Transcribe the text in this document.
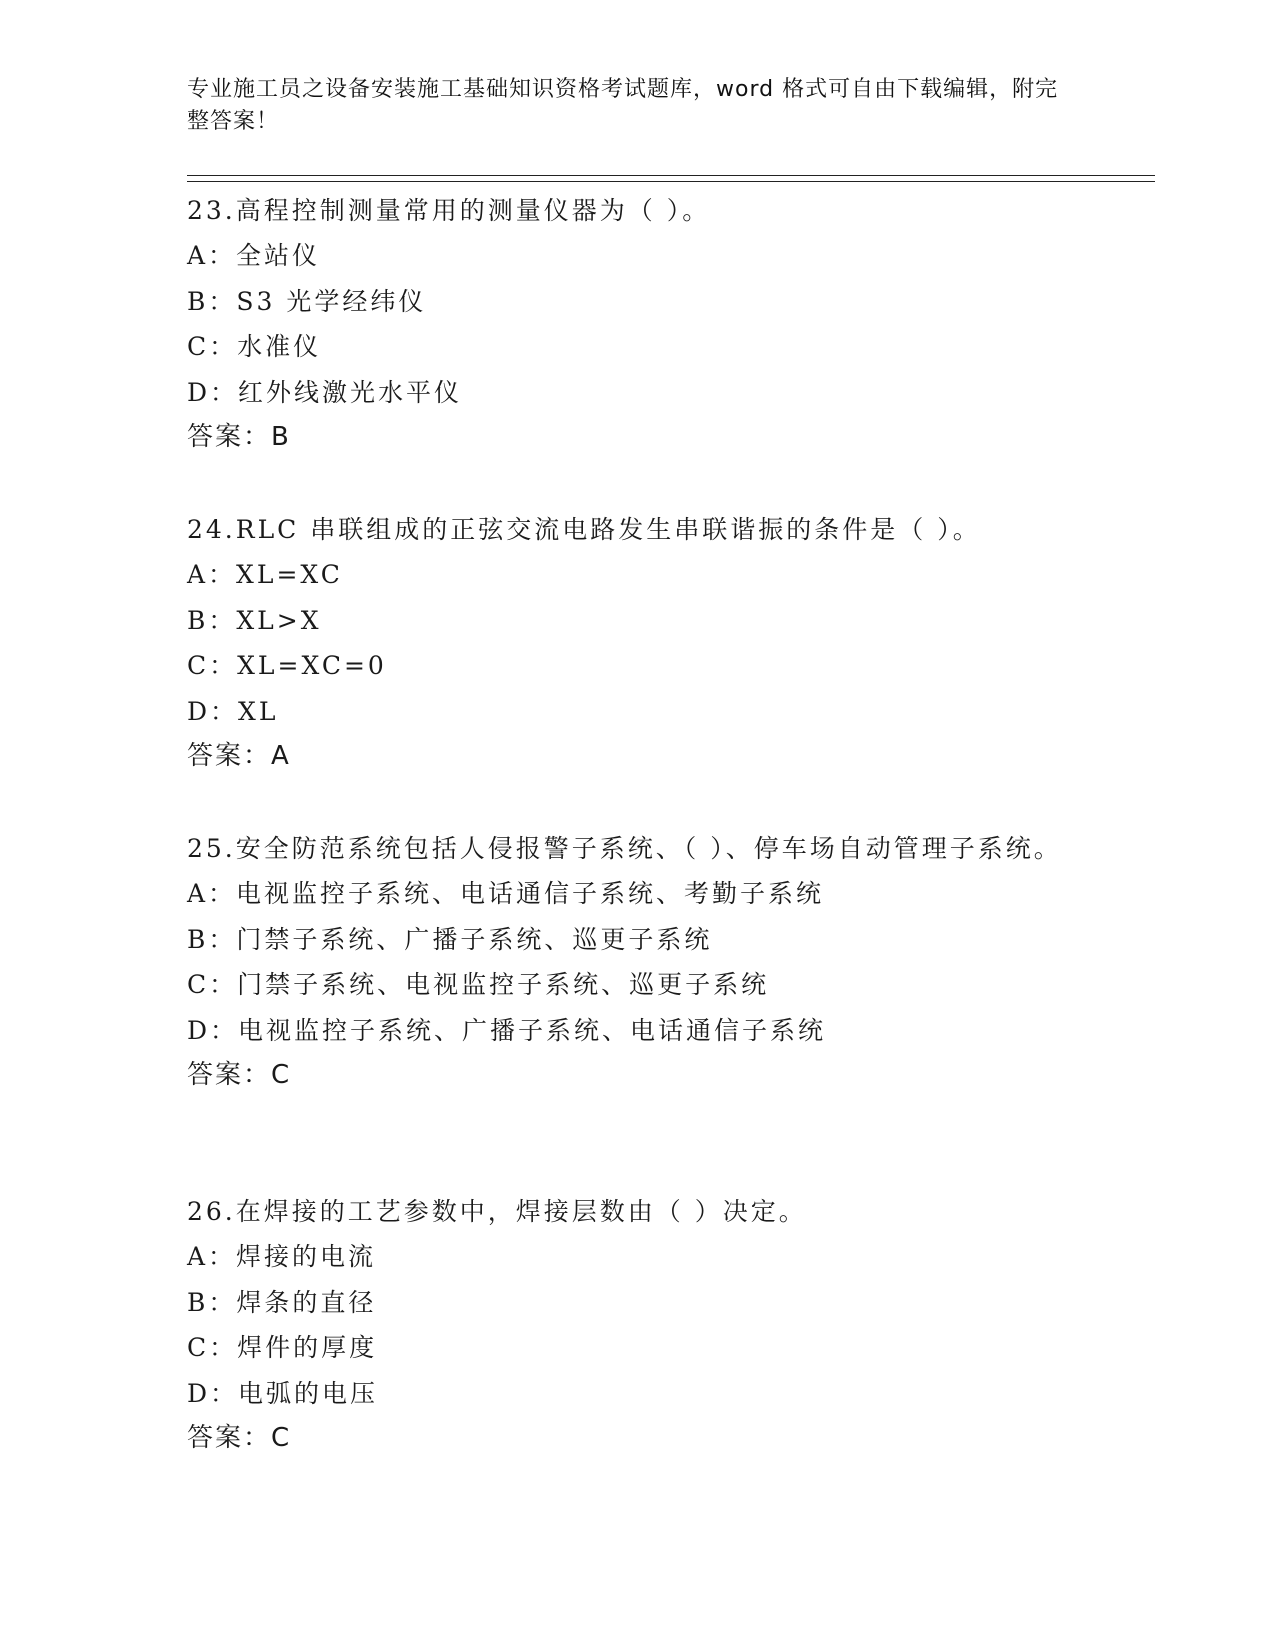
专业施工员之设备安装施工基础知识资格考试题库，word 格式可自由下载编辑，附完整答案！
23.高程控制测量常用的测量仪器为（ ）。
A：全站仪
B：S3 光学经纬仪
C：水准仪
D：红外线激光水平仪
答案：B
24.RLC 串联组成的正弦交流电路发生串联谐振的条件是（ ）。
A：XL=XC
B：XL>X
C：XL=XC=0
D：XL
答案：A
25.安全防范系统包括人侵报警子系统、（ ）、停车场自动管理子系统。
A：电视监控子系统、电话通信子系统、考勤子系统
B：门禁子系统、广播子系统、巡更子系统
C：门禁子系统、电视监控子系统、巡更子系统
D：电视监控子系统、广播子系统、电话通信子系统
答案：C
26.在焊接的工艺参数中，焊接层数由（ ）决定。
A：焊接的电流
B：焊条的直径
C：焊件的厚度
D：电弧的电压
答案：C
